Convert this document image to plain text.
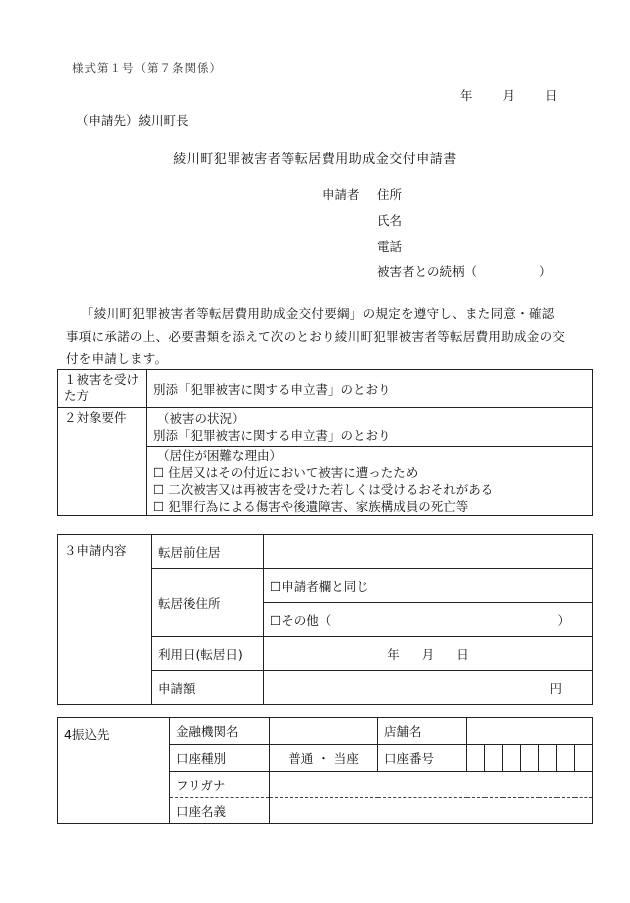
様式第１号（第７条関係）
年 月 日
（申請先）綾川町長
綾川町犯罪被害者等転居費用助成金交付申請書
申請者 住所
氏名
電話
被害者との続柄（	）

「綾川町犯罪被害者等転居費用助成金交付要綱」の規定を遵守し、また同意・確認事項に承諾の上、必要書類を添えて次のとおり綾川町犯罪被害者等転居費用助成金の交付を申請します。

１被害を受けた方	別添「犯罪被害に関する申立書」のとおり
２対象要件	（被害の状況）
別添「犯罪被害に関する申立書」のとおり

	（居住が困難な理由）
☐ 住居又はその付近において被害に遭ったため
☐ 二次被害又は再被害を受けた若しくは受けるおそれがある
☐ 犯罪行為による傷害や後遺障害、家族構成員の死亡等
３申請内容	転居前住居	
	転居後住所	☐申請者欄と同じ

		☐その他（ ）

	利用日(転居日)	年 月 日
	申請額	円
4振込先	金融機関名		店舗名							
	口座種別	普通 ・ 当座	口座番号							
	フリガナ									
	口座名義									
